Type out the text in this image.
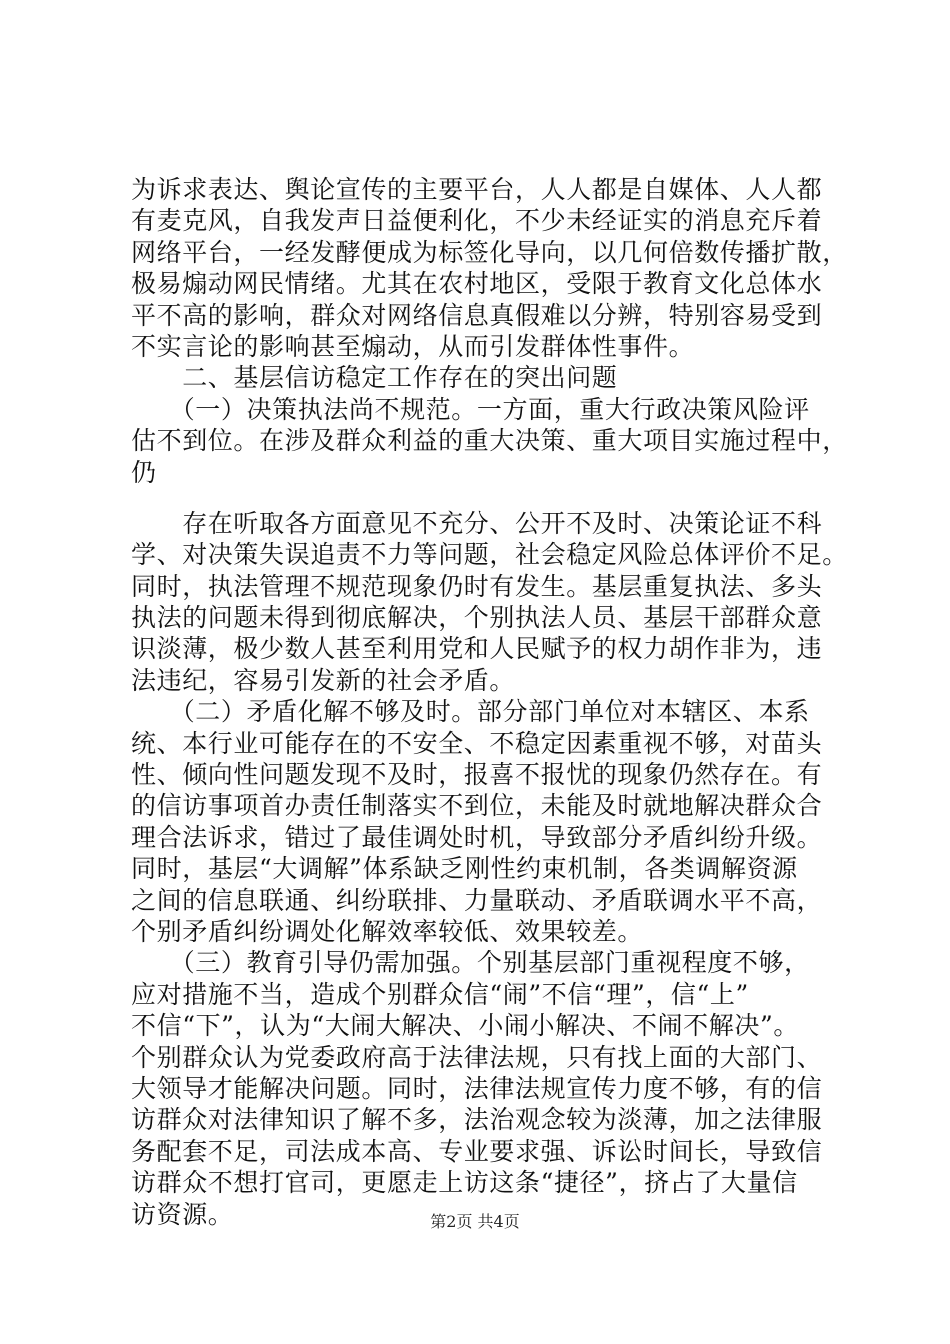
为诉求表达、舆论宣传的主要平台，人人都是自媒体、人人都
有麦克风，自我发声日益便利化，不少未经证实的消息充斥着
网络平台，一经发酵便成为标签化导向，以几何倍数传播扩散，
极易煽动网民情绪。尤其在农村地区，受限于教育文化总体水
平不高的影响，群众对网络信息真假难以分辨，特别容易受到
不实言论的影响甚至煽动，从而引发群体性事件。
　　二、基层信访稳定工作存在的突出问题
　　（一）决策执法尚不规范。一方面，重大行政决策风险评
估不到位。在涉及群众利益的重大决策、重大项目实施过程中，
仍
　　存在听取各方面意见不充分、公开不及时、决策论证不科
学、对决策失误追责不力等问题，社会稳定风险总体评价不足。
同时，执法管理不规范现象仍时有发生。基层重复执法、多头
执法的问题未得到彻底解决，个别执法人员、基层干部群众意
识淡薄，极少数人甚至利用党和人民赋予的权力胡作非为，违
法违纪，容易引发新的社会矛盾。
　　（二）矛盾化解不够及时。部分部门单位对本辖区、本系
统、本行业可能存在的不安全、不稳定因素重视不够，对苗头
性、倾向性问题发现不及时，报喜不报忧的现象仍然存在。有
的信访事项首办责任制落实不到位，未能及时就地解决群众合
理合法诉求，错过了最佳调处时机，导致部分矛盾纠纷升级。
同时，基层“大调解”体系缺乏刚性约束机制，各类调解资源
之间的信息联通、纠纷联排、力量联动、矛盾联调水平不高，
个别矛盾纠纷调处化解效率较低、效果较差。
　　（三）教育引导仍需加强。个别基层部门重视程度不够，
应对措施不当，造成个别群众信“闹”不信“理”，信“上”
不信“下”，认为“大闹大解决、小闹小解决、不闹不解决”。
个别群众认为党委政府高于法律法规，只有找上面的大部门、
大领导才能解决问题。同时，法律法规宣传力度不够，有的信
访群众对法律知识了解不多，法治观念较为淡薄，加之法律服
务配套不足，司法成本高、专业要求强、诉讼时间长，导致信
访群众不想打官司，更愿走上访这条“捷径”，挤占了大量信
访资源。	第2页 共4页
